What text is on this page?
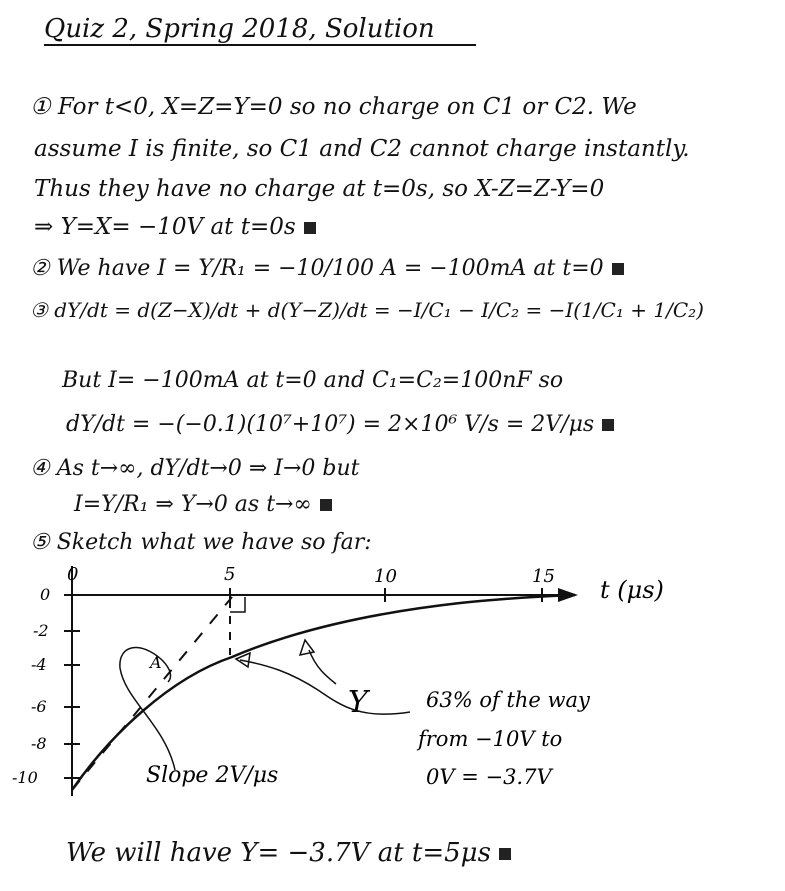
Quiz 2, Spring 2018, Solution
① For t<0, X=Z=Y=0 so no charge on C1 or C2. We
assume I is finite, so C1 and C2 cannot charge instantly.
Thus they have no charge at t=0s, so X-Z=Z-Y=0
⇒ Y=X= −10V at t=0s
② We have I = Y/R₁ = −10/100 A = −100mA at t=0
③ dY/dt = d(Z−X)/dt + d(Y−Z)/dt = −I/C₁ − I/C₂ = −I(1/C₁ + 1/C₂)
But I= −100mA at t=0 and C₁=C₂=100nF so
dY/dt = −(−0.1)(10⁷+10⁷) = 2×10⁶ V/s = 2V/μs
④ As t→∞, dY/dt→0 ⇒ I→0 but
I=Y/R₁ ⇒ Y→0 as t→∞
⑤ Sketch what we have so far:
0	5	10	15 t (μs)
0
-2
-4
-6
-8
-10
A
Slope 2V/μs
Y	63% of the way
from −10V to
0V = −3.7V
We will have Y= −3.7V at t=5μs
